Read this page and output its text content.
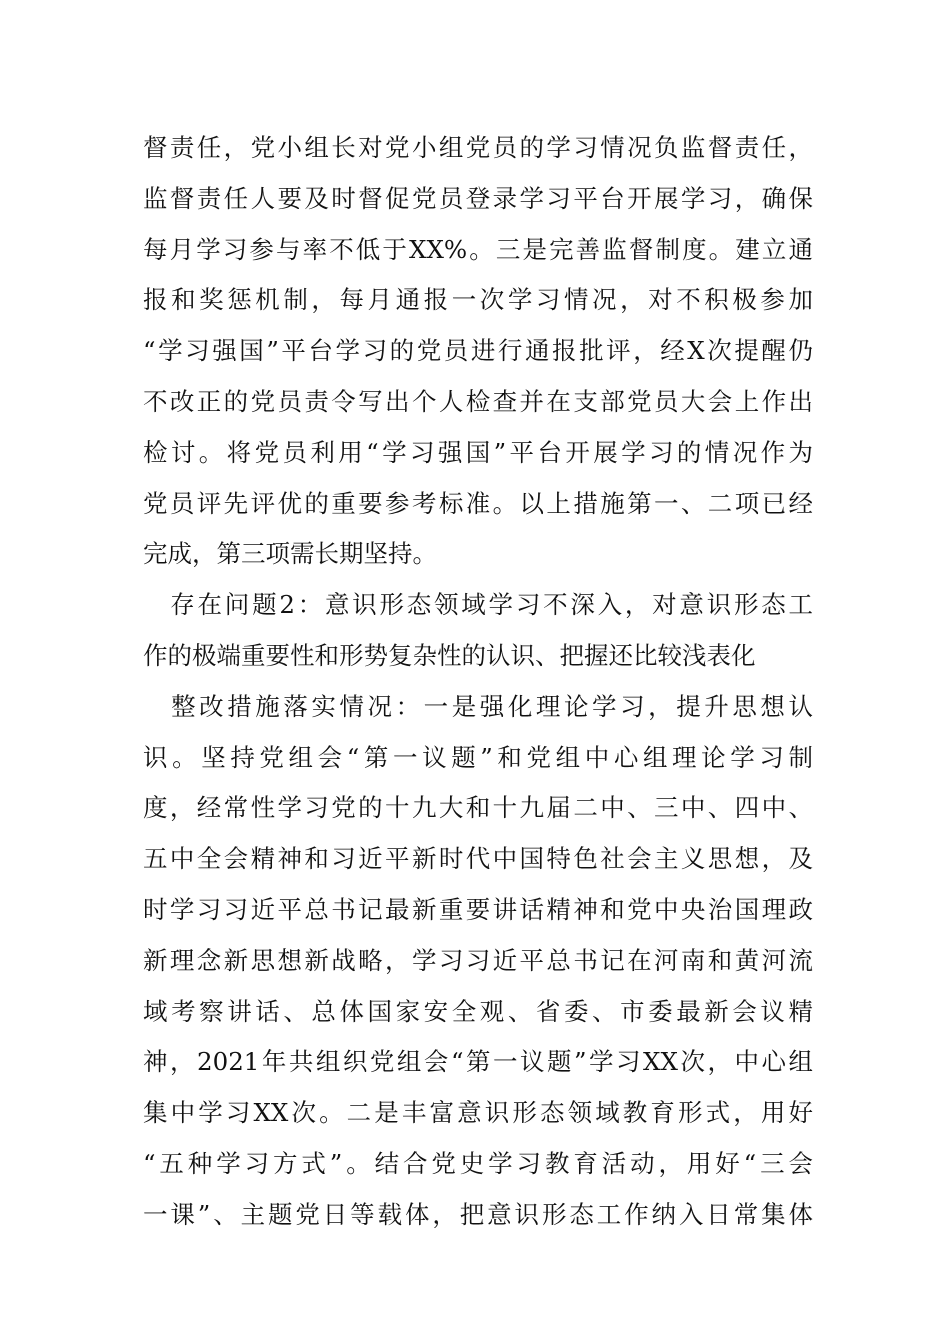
督责任，党小组长对党小组党员的学习情况负监督责任，
监督责任人要及时督促党员登录学习平台开展学习，确保
每月学习参与率不低于XX%。三是完善监督制度。建立通
报和奖惩机制，每月通报一次学习情况，对不积极参加
“学习强国”平台学习的党员进行通报批评，经X次提醒仍
不改正的党员责令写出个人检查并在支部党员大会上作出
检讨。将党员利用“学习强国”平台开展学习的情况作为
党员评先评优的重要参考标准。以上措施第一、二项已经
完成，第三项需长期坚持。
　存在问题2：意识形态领域学习不深入，对意识形态工
作的极端重要性和形势复杂性的认识、把握还比较浅表化
　整改措施落实情况：一是强化理论学习，提升思想认
识。坚持党组会“第一议题”和党组中心组理论学习制
度，经常性学习党的十九大和十九届二中、三中、四中、
五中全会精神和习近平新时代中国特色社会主义思想，及
时学习习近平总书记最新重要讲话精神和党中央治国理政
新理念新思想新战略，学习习近平总书记在河南和黄河流
域考察讲话、总体国家安全观、省委、市委最新会议精
神，2021年共组织党组会“第一议题”学习XX次，中心组
集中学习XX次。二是丰富意识形态领域教育形式，用好
“五种学习方式”。结合党史学习教育活动，用好“三会
一课”、主题党日等载体，把意识形态工作纳入日常集体
